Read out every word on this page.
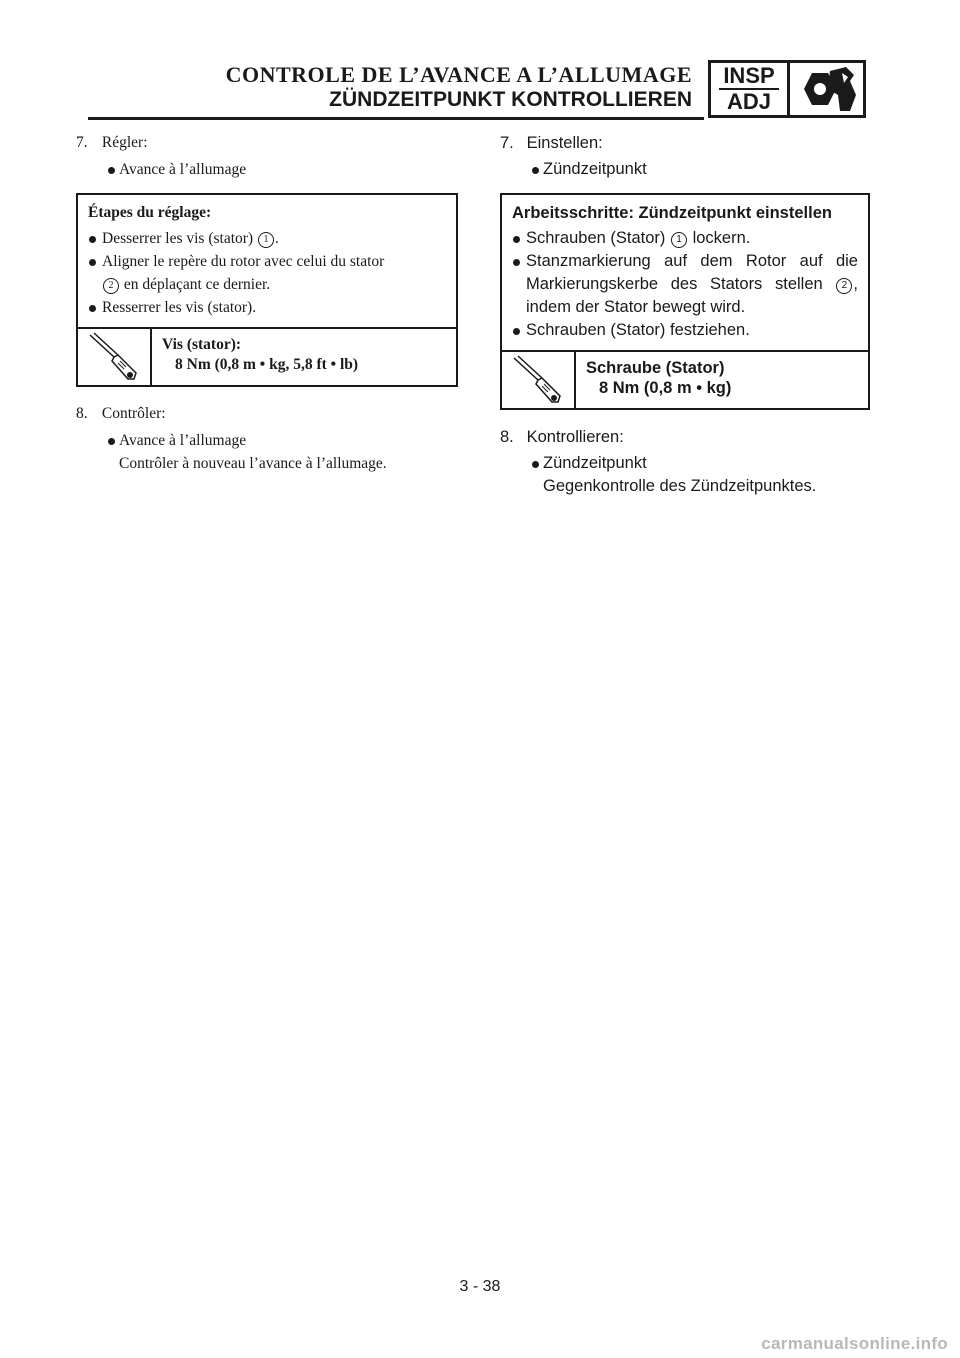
CONTROLE DE L’AVANCE A L’ALLUMAGE
ZÜNDZEITPUNKT KONTROLLIEREN
INSP
ADJ
7. Régler:
Avance à l’allumage
Étapes du réglage:
Desserrer les vis (stator) 1 .
Aligner le repère du rotor avec celui du stator
2 en déplaçant ce dernier.
Resserrer les vis (stator).
Vis (stator):
8 Nm (0,8 m • kg, 5,8 ft • lb)
8. Contrôler:
Avance à l’allumage
Contrôler à nouveau l’avance à l’allumage.
7. Einstellen:
Zündzeitpunkt
Arbeitsschritte: Zündzeitpunkt einstellen
Schrauben (Stator) 1 lockern.
Stanzmarkierung auf dem Rotor auf die Markierungskerbe des Stators stellen 2 , indem der Stator bewegt wird.
Schrauben (Stator) festziehen.
Schraube (Stator)
8 Nm (0,8 m • kg)
8. Kontrollieren:
Zündzeitpunkt
Gegenkontrolle des Zündzeitpunktes.
3 - 38
carmanualsonline.info
